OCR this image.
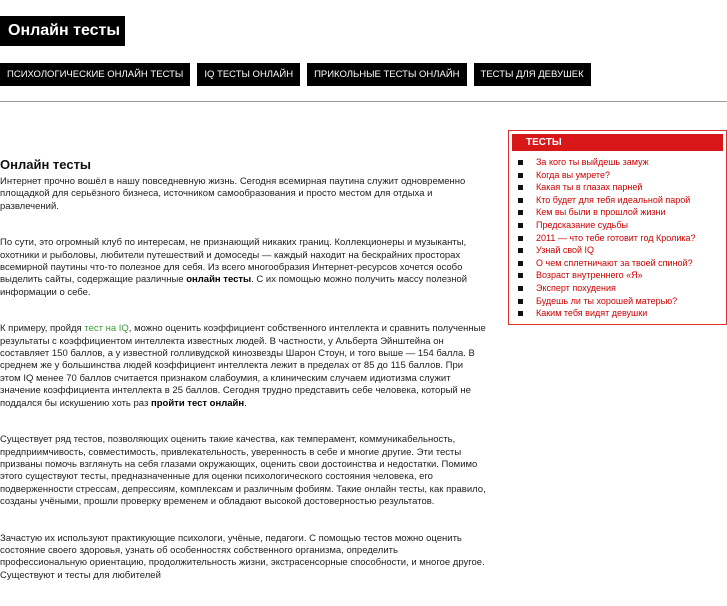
Онлайн тесты
ПСИХОЛОГИЧЕСКИЕ ОНЛАЙН ТЕСТЫ	IQ ТЕСТЫ ОНЛАЙН	ПРИКОЛЬНЫЕ ТЕСТЫ ОНЛАЙН	ТЕСТЫ ДЛЯ ДЕВУШЕК
Онлайн тесты

Интернет прочно вошёл в нашу повседневную жизнь. Сегодня всемирная паутина служит одновременно площадкой для серьёзного бизнеса, источником самообразования и просто местом для отдыха и развлечений.

По сути, это огромный клуб по интересам, не признающий никаких границ. Коллекционеры и музыканты, охотники и рыболовы, любители путешествий и домоседы — каждый находит на бескрайних просторах всемирной паутины что-то полезное для себя. Из всего многообразия Интернет-ресурсов хочется особо выделить сайты, содержащие различные онлайн тесты. С их помощью можно получить массу полезной информации о себе.

К примеру, пройдя тест на IQ, можно оценить коэффициент собственного интеллекта и сравнить полученные результаты с коэффициентом интеллекта известных людей. В частности, у Альберта Эйнштейна он составляет 150 баллов, а у известной голливудской кинозвезды Шарон Стоун, и того выше — 154 балла. В среднем же у большинства людей коэффициент интеллекта лежит в пределах от 85 до 115 баллов. При этом IQ менее 70 баллов считается признаком слабоумия, а клиническим случаем идиотизма служит значение коэффициента интеллекта в 25 баллов. Сегодня трудно представить себе человека, который не поддался бы искушению хоть раз пройти тест онлайн.

Существует ряд тестов, позволяющих оценить такие качества, как темперамент, коммуникабельность, предприимчивость, совместимость, привлекательность, уверенность в себе и многие другие. Эти тесты призваны помочь взглянуть на себя глазами окружающих, оценить свои достоинства и недостатки. Помимо этого существуют тесты, предназначенные для оценки психологического состояния человека, его подверженности стрессам, депрессиям, комплексам и различным фобиям. Такие онлайн тесты, как правило, созданы учёными, прошли проверку временем и обладают высокой достоверностью результатов.

Зачастую их используют практикующие психологи, учёные, педагоги. С помощью тестов можно оценить состояние своего здоровья, узнать об особенностях собственного организма, определить профессиональную ориентацию, продолжительность жизни, экстрасенсорные способности, и многое другое. Существуют и тесты для любителей

ТЕСТЫ
За кого ты выйдешь замуж
Когда вы умрете?
Какая ты в глазах парней
Кто будет для тебя идеальной парой
Кем вы были в прошлой жизни
Предсказание судьбы
2011 — что тебе готовит год Кролика?
Узнай свой IQ
О чем сплетничают за твоей спиной?
Возраст внутреннего «Я»
Эксперт похудения
Будешь ли ты хорошей матерью?
Каким тебя видят девушки
